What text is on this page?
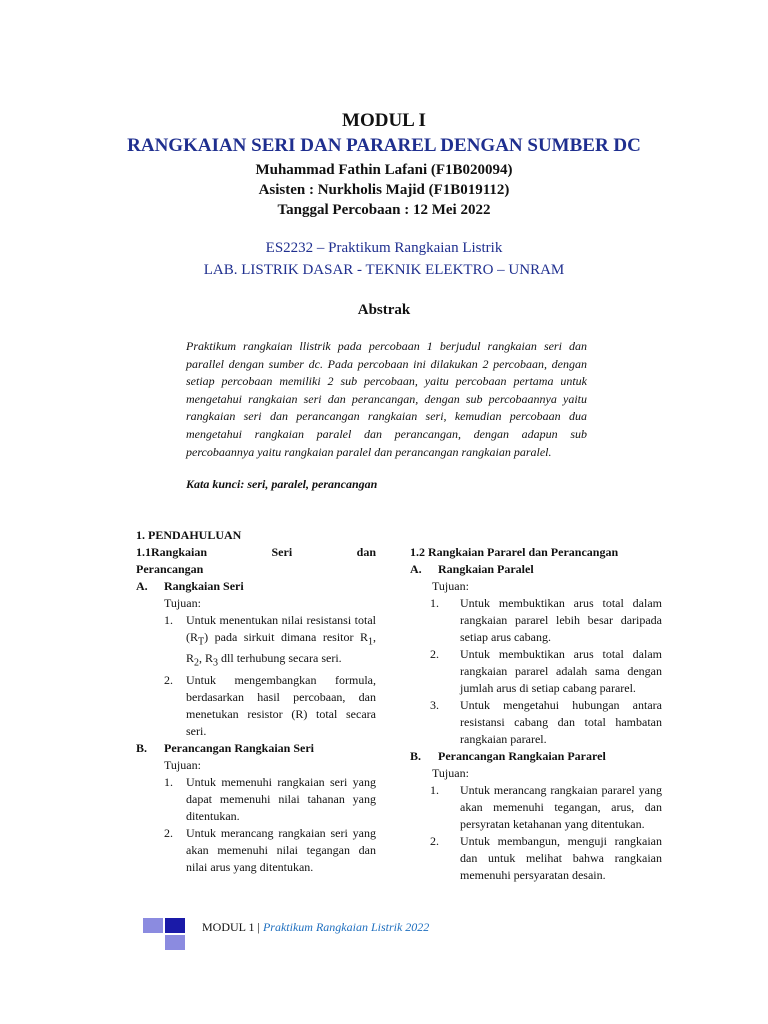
MODUL I
RANGKAIAN SERI DAN PARAREL DENGAN SUMBER DC
Muhammad Fathin Lafani (F1B020094)
Asisten : Nurkholis Majid (F1B019112)
Tanggal Percobaan : 12 Mei 2022
ES2232 – Praktikum Rangkaian Listrik
LAB. LISTRIK DASAR - TEKNIK ELEKTRO – UNRAM
Abstrak
Praktikum rangkaian llistrik pada percobaan 1 berjudul rangkaian seri dan parallel dengan sumber dc. Pada percobaan ini dilakukan 2 percobaan, dengan setiap percobaan memiliki 2 sub percobaan, yaitu percobaan pertama untuk mengetahui rangkaian seri dan perancangan, dengan sub percobaannya yaitu rangkaian seri dan perancangan rangkaian seri, kemudian percobaan dua mengetahui rangkaian paralel dan perancangan, dengan adapun sub percobaannya yaitu rangkaian paralel dan perancangan rangkaian paralel.
Kata kunci: seri, paralel, perancangan
1. PENDAHULUAN
1.1Rangkaian Seri dan
Perancangan
A.	Rangkaian Seri
Tujuan:
1.	Untuk menentukan nilai resistansi total $(R_T)$ pada sirkuit dimana resitor $R_1$, $R_2$, $R_3$ dll terhubung secara seri.
2.	Untuk mengembangkan formula, berdasarkan hasil percobaan, dan menetukan resistor (R) total secara seri.
B.	Perancangan Rangkaian Seri
Tujuan:
1.	Untuk memenuhi rangkaian seri yang dapat memenuhi nilai tahanan yang ditentukan.
2.	Untuk merancang rangkaian seri yang akan memenuhi nilai tegangan dan nilai arus yang ditentukan.
1.2 Rangkaian Pararel dan Perancangan
A.	Rangkaian Paralel
Tujuan:
1.	Untuk membuktikan arus total dalam rangkaian pararel lebih besar daripada setiap arus cabang.
2.	Untuk membuktikan arus total dalam rangkaian pararel adalah sama dengan jumlah arus di setiap cabang pararel.
3.	Untuk mengetahui hubungan antara resistansi cabang dan total hambatan rangkaian pararel.
B.	Perancangan Rangkaian Pararel
Tujuan:
1.	Untuk merancang rangkaian pararel yang akan memenuhi tegangan, arus, dan persyratan ketahanan yang ditentukan.
2.	Untuk membangun, menguji rangkaian dan untuk melihat bahwa rangkaian memenuhi persyaratan desain.
MODUL 1 | Praktikum Rangkaian Listrik 2022
